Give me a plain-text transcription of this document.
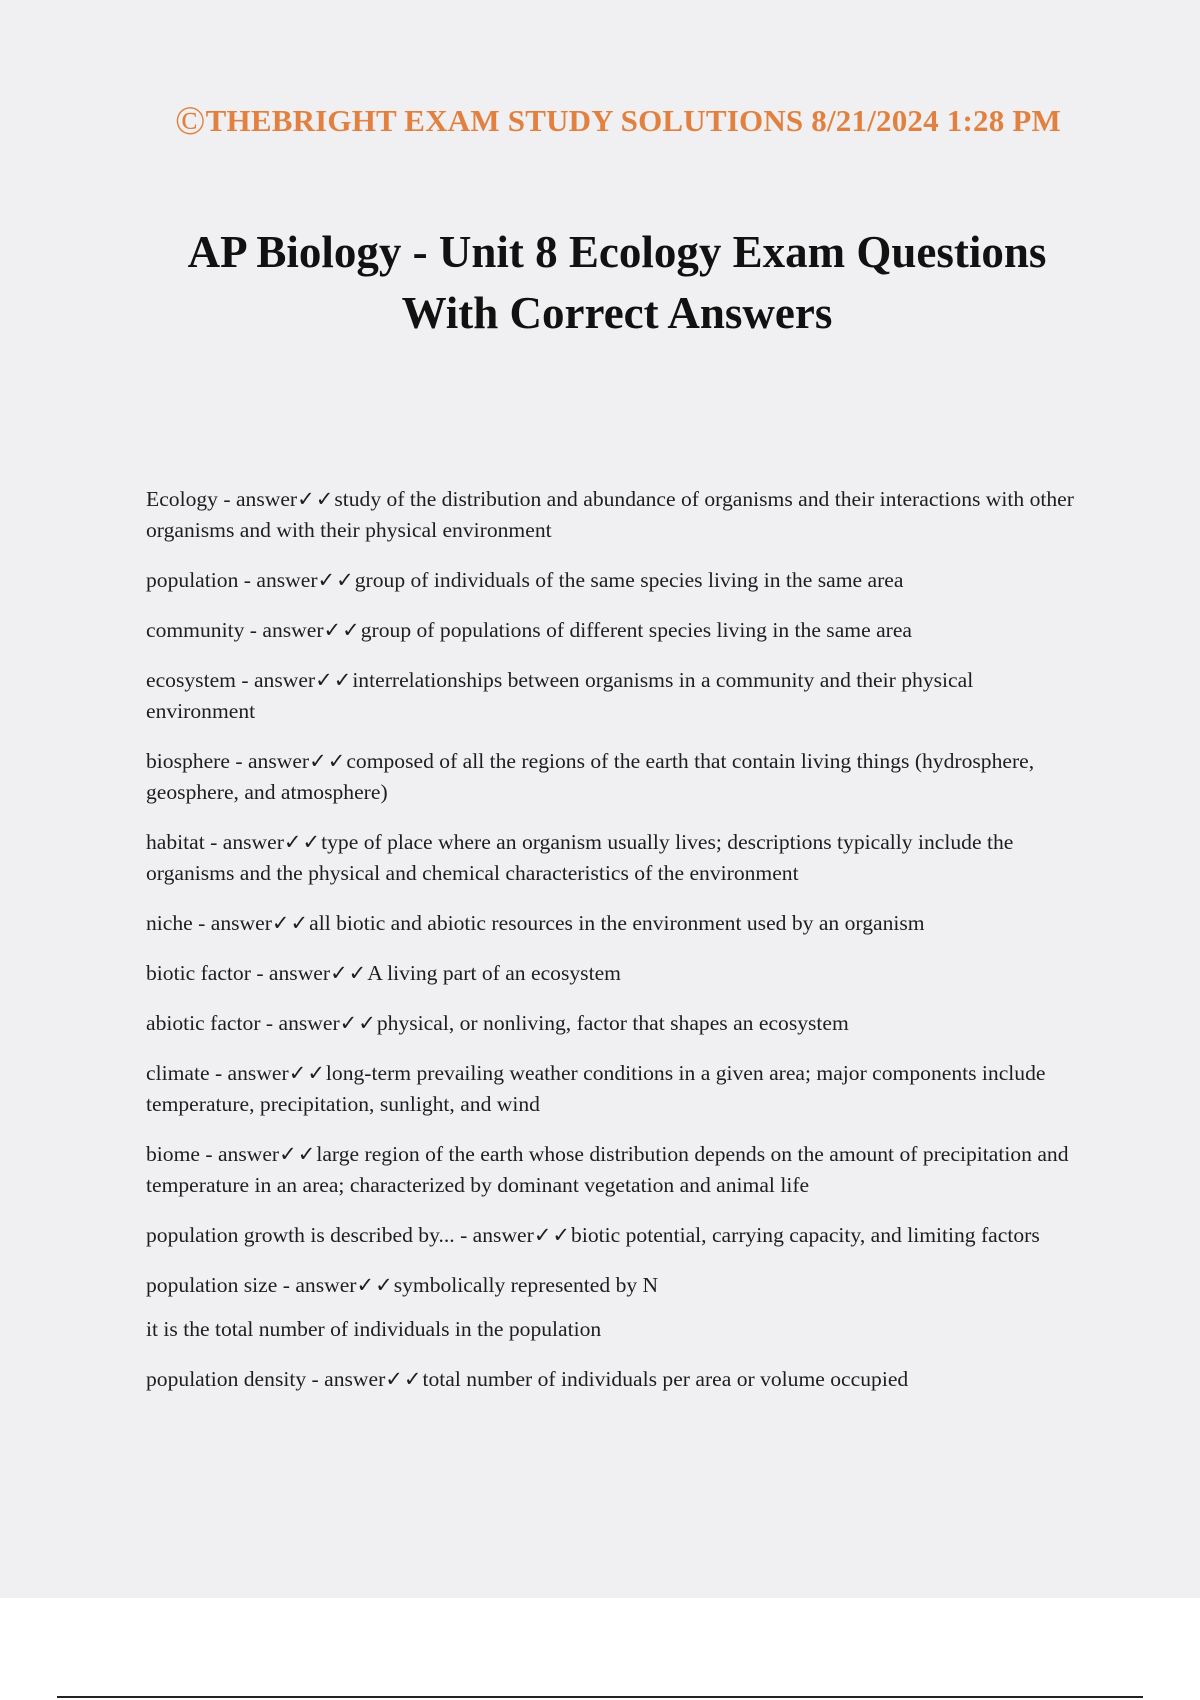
©THEBRIGHT EXAM STUDY SOLUTIONS 8/21/2024 1:28 PM
AP Biology - Unit 8 Ecology Exam Questions
With Correct Answers

Ecology - answer✓✓study of the distribution and abundance of organisms and their interactions with other organisms and with their physical environment

population - answer✓✓group of individuals of the same species living in the same area

community - answer✓✓group of populations of different species living in the same area

ecosystem - answer✓✓interrelationships between organisms in a community and their physical environment

biosphere - answer✓✓composed of all the regions of the earth that contain living things (hydrosphere, geosphere, and atmosphere)

habitat - answer✓✓type of place where an organism usually lives; descriptions typically include the organisms and the physical and chemical characteristics of the environment

niche - answer✓✓all biotic and abiotic resources in the environment used by an organism

biotic factor - answer✓✓A living part of an ecosystem

abiotic factor - answer✓✓physical, or nonliving, factor that shapes an ecosystem

climate - answer✓✓long-term prevailing weather conditions in a given area; major components include temperature, precipitation, sunlight, and wind

biome - answer✓✓large region of the earth whose distribution depends on the amount of precipitation and temperature in an area; characterized by dominant vegetation and animal life

population growth is described by... - answer✓✓biotic potential, carrying capacity, and limiting factors

population size - answer✓✓symbolically represented by N

it is the total number of individuals in the population

population density - answer✓✓total number of individuals per area or volume occupied
